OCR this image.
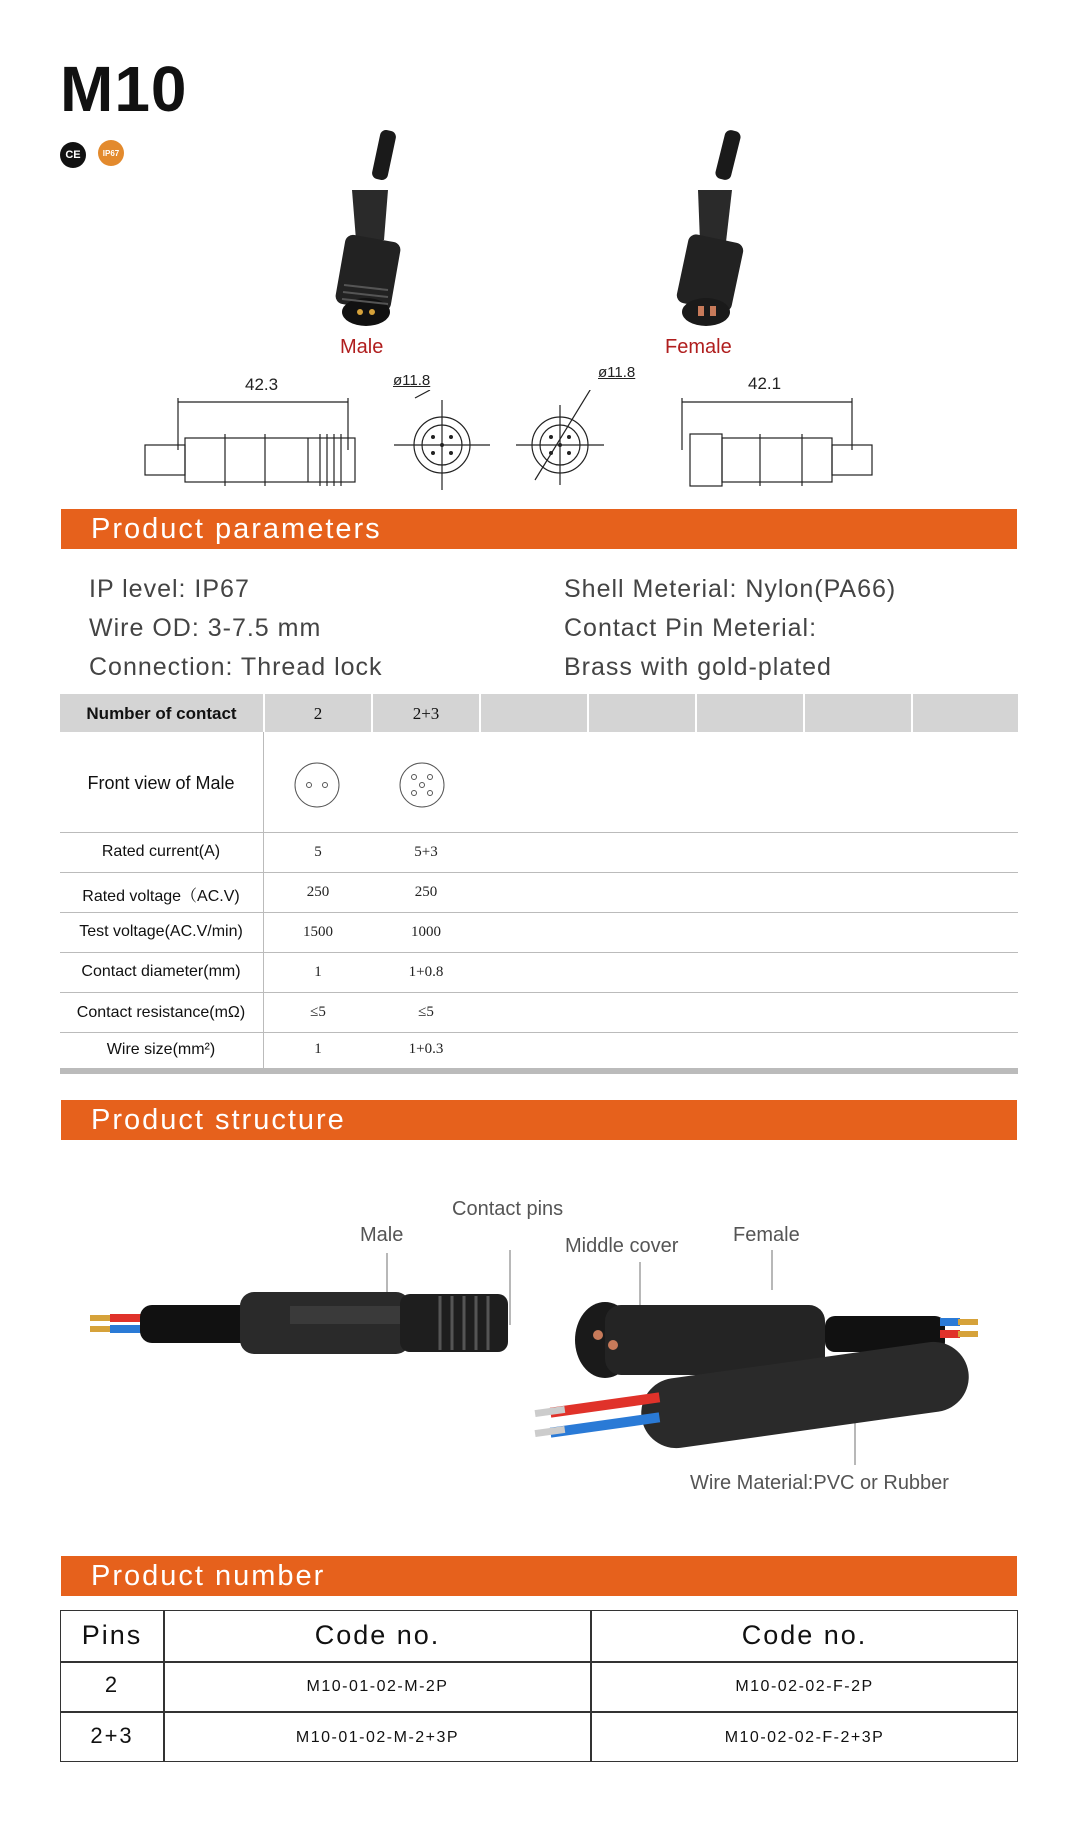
M10
CE	IP67
Male	Female
42.3	ø11.8	ø11.8
42.1
Product parameters
IP level: IP67
Wire OD: 3-7.5 mm
Connection: Thread lock
Shell Meterial: Nylon(PA66)
Contact Pin Meterial:
Brass with gold-plated
Number of contact	2	2+3
Front view of Male
Rated current(A)	5	5+3
Rated voltage（AC.V)	250	250
Test voltage(AC.V/min)	1500	1000
Contact diameter(mm)	1	1+0.8
Contact resistance(mΩ)	≤5	≤5
Wire size(mm²)	1	1+0.3
Product structure
Male
Contact pins
Middle cover	Female
Wire Material:PVC or Rubber
Product number
Pins	Code no.	Code no.
2	M10-01-02-M-2P	M10-02-02-F-2P
2+3	M10-01-02-M-2+3P	M10-02-02-F-2+3P
